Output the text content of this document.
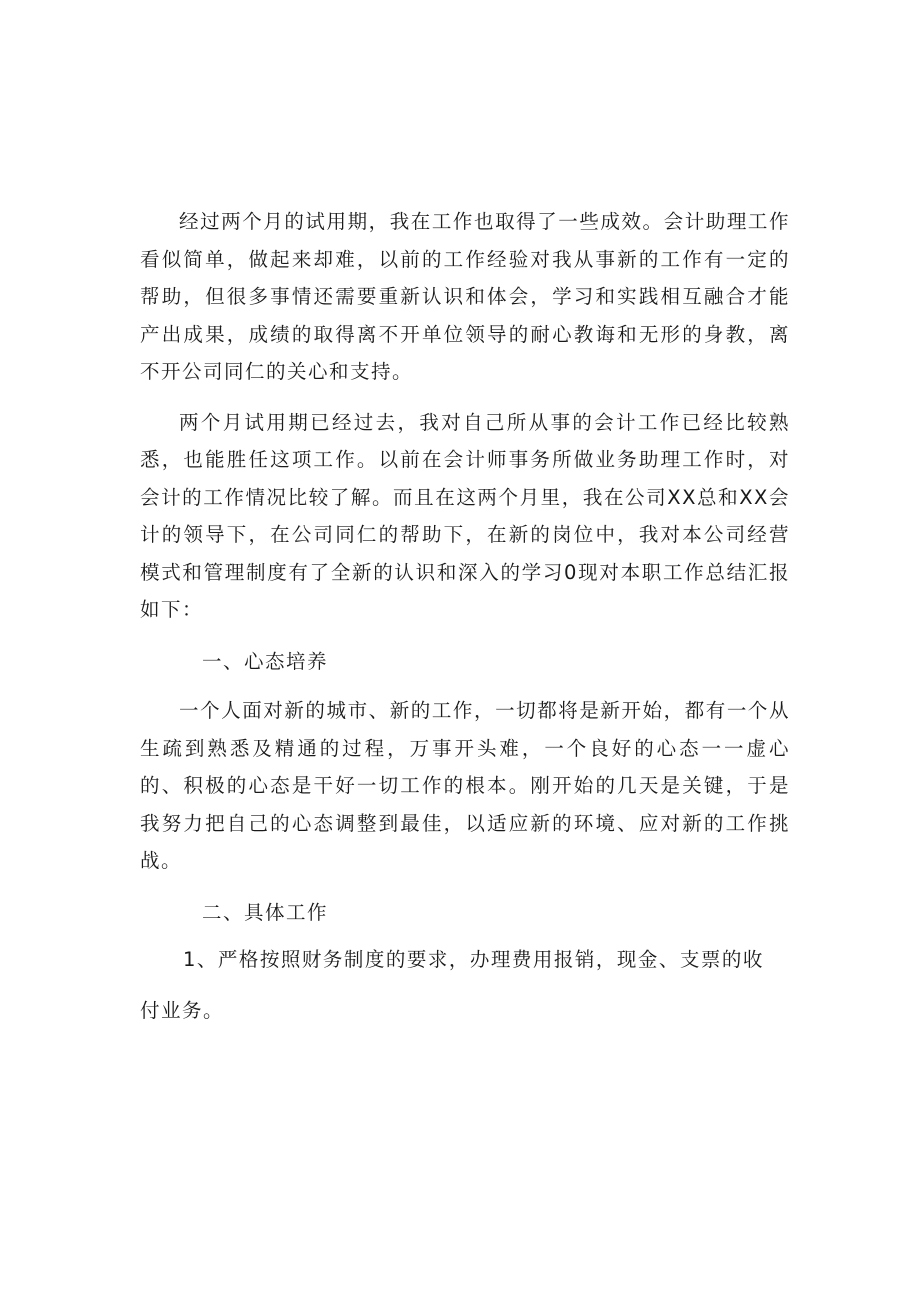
经过两个月的试用期，我在工作也取得了一些成效。会计助理工作看似简单，做起来却难，以前的工作经验对我从事新的工作有一定的帮助，但很多事情还需要重新认识和体会，学习和实践相互融合才能产出成果，成绩的取得离不开单位领导的耐心教诲和无形的身教，离不开公司同仁的关心和支持。

两个月试用期已经过去，我对自己所从事的会计工作已经比较熟悉，也能胜任这项工作。以前在会计师事务所做业务助理工作时，对会计的工作情况比较了解。而且在这两个月里，我在公司XX总和XX会计的领导下，在公司同仁的帮助下，在新的岗位中，我对本公司经营模式和管理制度有了全新的认识和深入的学习0现对本职工作总结汇报如下：

一、心态培养

一个人面对新的城市、新的工作，一切都将是新开始，都有一个从生疏到熟悉及精通的过程，万事开头难，一个良好的心态一一虚心的、积极的心态是干好一切工作的根本。刚开始的几天是关键，于是我努力把自己的心态调整到最佳，以适应新的环境、应对新的工作挑战。

二、具体工作

1、严格按照财务制度的要求，办理费用报销，现金、支票的收

付业务。
